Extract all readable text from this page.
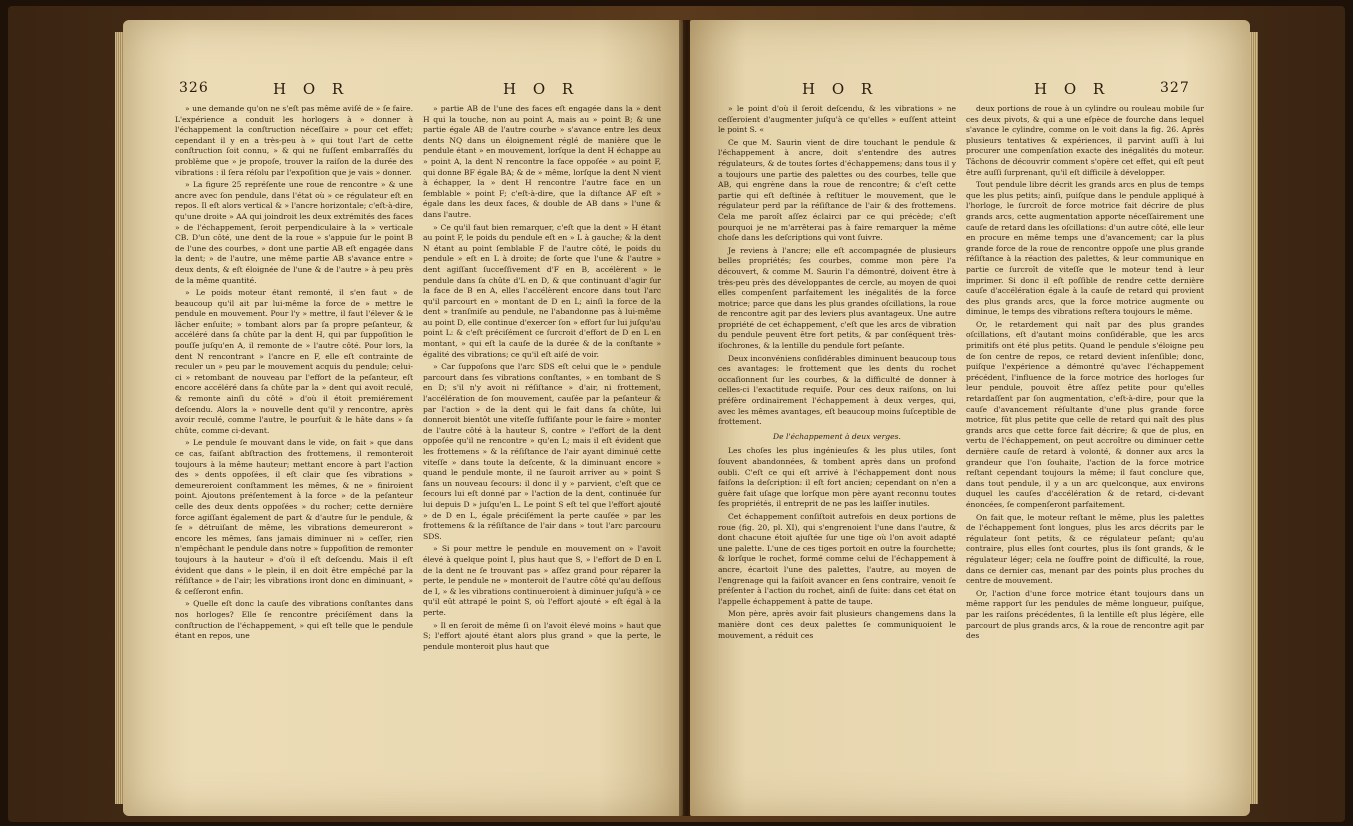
326	H O R	H O R

» une demande qu'on ne s'eſt pas même aviſé de » ſe faire. L'expérience a conduit les horlogers à » donner à l'échappement la conſtruction néceſſaire » pour cet effet; cependant il y en a très-peu à » qui tout l'art de cette conſtruction ſoit connu, » & qui ne fuſſent embarraſſés du problème que » je propoſe, trouver la raiſon de la durée des vibrations : il ſera réſolu par l'expoſition que je vais » donner.

» La figure 25 repréſente une roue de rencontre » & une ancre avec ſon pendule, dans l'état où » ce régulateur eſt en repos. Il eſt alors vertical & » l'ancre horizontale; c'eſt-à-dire, qu'une droite » AA qui joindroit les deux extrémités des faces » de l'échappement, ſeroit perpendiculaire à la » verticale CB. D'un côté, une dent de la roue » s'appuie ſur le point B de l'une des courbes, » dont une partie AB eſt engagée dans la dent; » de l'autre, une même partie AB s'avance entre » deux dents, & eſt éloignée de l'une & de l'autre » à peu près de la même quantité.

» Le poids moteur étant remonté, il s'en faut » de beaucoup qu'il ait par lui-même la force de » mettre le pendule en mouvement. Pour l'y » mettre, il faut l'élever & le lâcher enſuite; » tombant alors par ſa propre peſanteur, & accéléré dans ſa chûte par la dent H, qui par ſuppoſition le pouſſe juſqu'en A, il remonte de » l'autre côté. Pour lors, la dent N rencontrant » l'ancre en F, elle eſt contrainte de reculer un » peu par le mouvement acquis du pendule; celui-ci » retombant de nouveau par l'effort de la peſanteur, eſt encore accéléré dans ſa chûte par la » dent qui avoit reculé, & remonte ainſi du côté » d'où il étoit premiérement deſcendu. Alors la » nouvelle dent qu'il y rencontre, après avoir reculé, comme l'autre, le pourſuit & le hâte dans » ſa chûte, comme ci-devant.

» Le pendule ſe mouvant dans le vide, on fait » que dans ce cas, faiſant abſtraction des frottemens, il remonteroit toujours à la même hauteur; mettant encore à part l'action des » dents oppoſées, il eſt clair que ſes vibrations » demeureroient conſtamment les mêmes, & ne » finiroient point. Ajoutons préſentement à la force » de la peſanteur celle des deux dents oppoſées » du rocher; cette dernière force agiſſant également de part & d'autre ſur le pendule, & ſe » détruiſant de même, les vibrations demeureront » encore les mêmes, ſans jamais diminuer ni » ceſſer, rien n'empêchant le pendule dans notre » ſuppoſition de remonter toujours à la hauteur » d'où il eſt deſcendu. Mais il eſt évident que dans » le plein, il en doit être empêché par la réſiſtance » de l'air; les vibrations iront donc en diminuant, » & ceſſeront enfin.

» Quelle eſt donc la cauſe des vibrations conſtantes dans nos horloges? Elle ſe rencontre préciſément dans la conſtruction de l'échappement, » qui eſt telle que le pendule étant en repos, une

» partie AB de l'une des faces eſt engagée dans la » dent H qui la touche, non au point A, mais au » point B; & une partie égale AB de l'autre courbe » s'avance entre les deux dents NQ dans un éloignement réglé de manière que le pendule étant » en mouvement, lorſque la dent H échappe au » point A, la dent N rencontre la face oppoſée » au point F, qui donne BF égale BA; & de » même, lorſque la dent N vient à échapper, la » dent H rencontre l'autre face en un ſemblable » point F; c'eſt-à-dire, que la diſtance AF eſt » égale dans les deux faces, & double de AB dans » l'une & dans l'autre.

» Ce qu'il faut bien remarquer, c'eſt que la dent » H étant au point F, le poids du pendule eſt en » L à gauche; & la dent N étant au point ſemblable F de l'autre côté, le poids du pendule » eſt en L à droite; de ſorte que l'une & l'autre » dent agiſſant ſucceſſivement d'F en B, accélèrent » le pendule dans ſa chûte d'L en D, & que continuant d'agir ſur la face de B en A, elles l'accélèrent encore dans tout l'arc qu'il parcourt en » montant de D en L; ainſi la force de la dent » tranſmiſe au pendule, ne l'abandonne pas à lui-même au point D, elle continue d'exercer ſon » effort ſur lui juſqu'au point L: & c'eſt préciſément ce ſurcroit d'effort de D en L en montant, » qui eſt la cauſe de la durée & de la conſtante » égalité des vibrations; ce qu'il eſt aiſé de voir.

» Car ſuppoſons que l'arc SDS eſt celui que le » pendule parcourt dans ſes vibrations conſtantes, » en tombant de S en D; s'il n'y avoit ni réſiſtance » d'air, ni frottement, l'accélération de ſon mouvement, cauſée par la peſanteur & par l'action » de la dent qui le fait dans ſa chûte, lui donneroit bientôt une viteſſe ſuffiſante pour le faire » monter de l'autre côté à la hauteur S, contre » l'effort de la dent oppoſée qu'il ne rencontre » qu'en L; mais il eſt évident que les frottemens » & la réſiſtance de l'air ayant diminué cette viteſſe » dans toute la deſcente, & la diminuant encore » quand le pendule monte, il ne ſauroit arriver au » point S ſans un nouveau ſecours: il donc il y » parvient, c'eſt que ce ſecours lui eſt donné par » l'action de la dent, continuée ſur lui depuis D » juſqu'en L. Le point S eſt tel que l'effort ajouté » de D en L, égale préciſément la perte cauſée » par les frottemens & la réſiſtance de l'air dans » tout l'arc parcouru SDS.

» Si pour mettre le pendule en mouvement on » l'avoit élevé à quelque point I, plus haut que S, » l'effort de D en L de la dent ne ſe trouvant pas » aſſez grand pour réparer la perte, le pendule ne » monteroit de l'autre côté qu'au deſſous de I, » & les vibrations continueroient à diminuer juſqu'à » ce qu'il eût attrapé le point S, où l'effort ajouté » eſt égal à la perte.

» Il en ſeroit de même ſi on l'avoit élevé moins » haut que S; l'effort ajouté étant alors plus grand » que la perte, le pendule monteroit plus haut que

H O R	H O R	327

» le point d'où il ſeroit deſcendu, & les vibrations » ne ceſſeroient d'augmenter juſqu'à ce qu'elles » euſſent atteint le point S. «

Ce que M. Saurin vient de dire touchant le pendule & l'échappement à ancre, doit s'entendre des autres régulateurs, & de toutes ſortes d'échappemens; dans tous il y a toujours une partie des palettes ou des courbes, telle que AB, qui engrène dans la roue de rencontre; & c'eſt cette partie qui eſt deſtinée à reſtituer le mouvement, que le régulateur perd par la réſiſtance de l'air & des frottemens. Cela me paroît aſſez éclairci par ce qui précède; c'eſt pourquoi je ne m'arrêterai pas à faire remarquer la même choſe dans les deſcriptions qui vont ſuivre.

Je reviens à l'ancre; elle eſt accompagnée de plusieurs belles propriétés; ſes courbes, comme mon père l'a découvert, & comme M. Saurin l'a démontré, doivent être à très-peu près des développantes de cercle, au moyen de quoi elles compenſent parfaitement les inégalités de la force motrice; parce que dans les plus grandes oſcillations, la roue de rencontre agit par des leviers plus avantageux. Une autre propriété de cet échappement, c'eſt que les arcs de vibration du pendule peuvent être fort petits, & par conſéquent très-iſochrones, & la lentille du pendule fort peſante.

Deux inconvéniens conſidérables diminuent beaucoup tous ces avantages: le frottement que les dents du rochet occaſionnent ſur les courbes, & la difficulté de donner à celles-ci l'exactitude requiſe. Pour ces deux raiſons, on lui préfère ordinairement l'échappement à deux verges, qui, avec les mêmes avantages, eſt beaucoup moins ſuſceptible de frottement.

De l'échappement à deux verges.

Les choſes les plus ingénieuſes & les plus utiles, ſont ſouvent abandonnées, & tombent après dans un profond oubli. C'eſt ce qui eſt arrivé à l'échappement dont nous faiſons la deſcription: il eſt fort ancien; cependant on n'en a guère fait uſage que lorſque mon père ayant reconnu toutes ſes propriétés, il entreprit de ne pas les laiſſer inutiles.

Cet échappement conſiſtoit autrefois en deux portions de roue (fig. 20, pl. XI), qui s'engrenoient l'une dans l'autre, & dont chacune étoit ajuſtée ſur une tige où l'on avoit adapté une palette. L'une de ces tiges portoit en outre la fourchette; & lorſque le rochet, formé comme celui de l'échappement à ancre, écartoit l'une des palettes, l'autre, au moyen de l'engrenage qui la faiſoit avancer en ſens contraire, venoit ſe préſenter à l'action du rochet, ainſi de ſuite: dans cet état on l'appelle échappement à patte de taupe.

Mon père, après avoir fait plusieurs changemens dans la manière dont ces deux palettes ſe communiquoient le mouvement, a réduit ces

deux portions de roue à un cylindre ou rouleau mobile ſur ces deux pivots, & qui a une eſpèce de fourche dans lequel s'avance le cylindre, comme on le voit dans la fig. 26. Après plusieurs tentatives & expériences, il parvint auſſi à lui procurer une compenſation exacte des inégalités du moteur. Tâchons de découvrir comment s'opère cet effet, qui eſt peut être auſſi ſurprenant, qu'il eſt difficile à développer.

Tout pendule libre décrit les grands arcs en plus de temps que les plus petits; ainſi, puiſque dans le pendule appliqué à l'horloge, le ſurcroît de force motrice fait décrire de plus grands arcs, cette augmentation apporte néceſſairement une cauſe de retard dans les oſcillations: d'un autre côté, elle leur en procure en même temps une d'avancement; car la plus grande force de la roue de rencontre oppoſe une plus grande réſiſtance à la réaction des palettes, & leur communique en partie ce ſurcroît de viteſſe que le moteur tend à leur imprimer. Si donc il eſt poſſible de rendre cette dernière cauſe d'accélération égale à la cauſe de retard qui provient des plus grands arcs, que la force motrice augmente ou diminue, le temps des vibrations reſtera toujours le même.

Or, le retardement qui naît par des plus grandes oſcillations, eſt d'autant moins conſidérable, que les arcs primitifs ont été plus petits. Quand le pendule s'éloigne peu de ſon centre de repos, ce retard devient inſenſible; donc, puiſque l'expérience a démontré qu'avec l'échappement précédent, l'influence de la force motrice des horloges ſur leur pendule, pouvoit être aſſez petite pour qu'elles retardaſſent par ſon augmentation, c'eſt-à-dire, pour que la cauſe d'avancement réſultante d'une plus grande force motrice, fût plus petite que celle de retard qui naît des plus grands arcs que cette force fait décrire; & que de plus, en vertu de l'échappement, on peut accroître ou diminuer cette dernière cauſe de retard à volonté, & donner aux arcs la grandeur que l'on ſouhaite, l'action de la force motrice reſtant cependant toujours la même; il faut conclure que, dans tout pendule, il y a un arc quelconque, aux environs duquel les cauſes d'accélération & de retard, ci-devant énoncées, ſe compenſeront parfaitement.

On fait que, le moteur reſtant le même, plus les palettes de l'échappement ſont longues, plus les arcs décrits par le régulateur ſont petits, & ce régulateur peſant; qu'au contraire, plus elles ſont courtes, plus ils ſont grands, & le régulateur léger; cela ne ſouffre point de difficulté, la roue, dans ce dernier cas, menant par des points plus proches du centre de mouvement.

Or, l'action d'une force motrice étant toujours dans un même rapport ſur les pendules de même longueur, puiſque, par les raiſons précédentes, ſi la lentille eſt plus légère, elle parcourt de plus grands arcs, & la roue de rencontre agit par des
